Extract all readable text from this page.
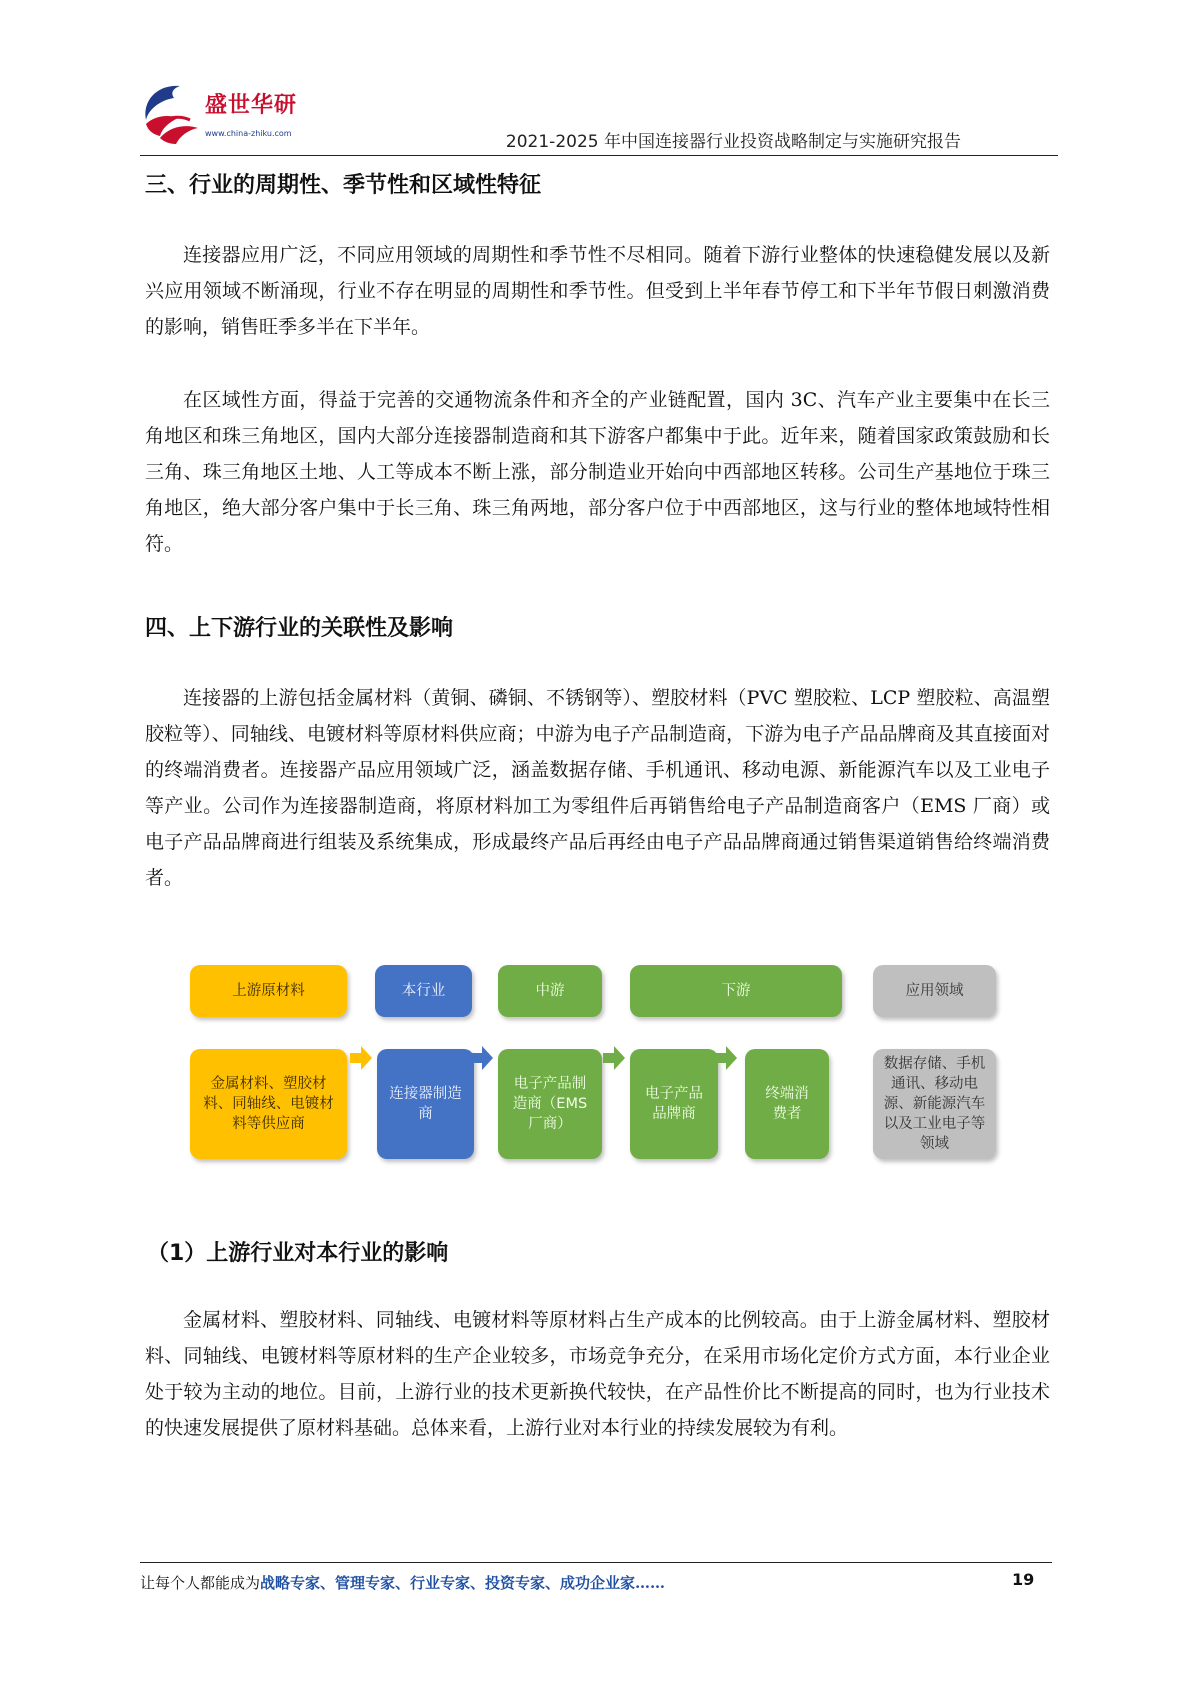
盛世华研
www.china-zhiku.com	2021-2025 年中国连接器行业投资战略制定与实施研究报告
三、行业的周期性、季节性和区域性特征

连接器应用广泛，不同应用领域的周期性和季节性不尽相同。随着下游行业整体的快速稳健发展以及新兴应用领域不断涌现，行业不存在明显的周期性和季节性。但受到上半年春节停工和下半年节假日刺激消费的影响，销售旺季多半在下半年。

在区域性方面，得益于完善的交通物流条件和齐全的产业链配置，国内 3C、汽车产业主要集中在长三角地区和珠三角地区，国内大部分连接器制造商和其下游客户都集中于此。近年来，随着国家政策鼓励和长三角、珠三角地区土地、人工等成本不断上涨，部分制造业开始向中西部地区转移。公司生产基地位于珠三角地区，绝大部分客户集中于长三角、珠三角两地，部分客户位于中西部地区，这与行业的整体地域特性相符。

四、上下游行业的关联性及影响

连接器的上游包括金属材料（黄铜、磷铜、不锈钢等）、塑胶材料（PVC 塑胶粒、LCP 塑胶粒、高温塑胶粒等）、同轴线、电镀材料等原材料供应商；中游为电子产品制造商，下游为电子产品品牌商及其直接面对的终端消费者。连接器产品应用领域广泛，涵盖数据存储、手机通讯、移动电源、新能源汽车以及工业电子等产业。公司作为连接器制造商，将原材料加工为零组件后再销售给电子产品制造商客户（EMS 厂商）或电子产品品牌商进行组装及系统集成，形成最终产品后再经由电子产品品牌商通过销售渠道销售给终端消费者。

上游原材料	本行业	中游	下游	应用领域
金属材料、塑胶材料、同轴线、电镀材料等供应商
连接器制造商
电子产品制造商（EMS厂商）
电子产品品牌商
终端消费者
数据存储、手机通讯、移动电源、新能源汽车以及工业电子等领域
（1）上游行业对本行业的影响

金属材料、塑胶材料、同轴线、电镀材料等原材料占生产成本的比例较高。由于上游金属材料、塑胶材料、同轴线、电镀材料等原材料的生产企业较多，市场竞争充分，在采用市场化定价方式方面，本行业企业处于较为主动的地位。目前，上游行业的技术更新换代较快，在产品性价比不断提高的同时，也为行业技术的快速发展提供了原材料基础。总体来看，上游行业对本行业的持续发展较为有利。

让每个人都能成为战略专家、管理专家、行业专家、投资专家、成功企业家……	19
